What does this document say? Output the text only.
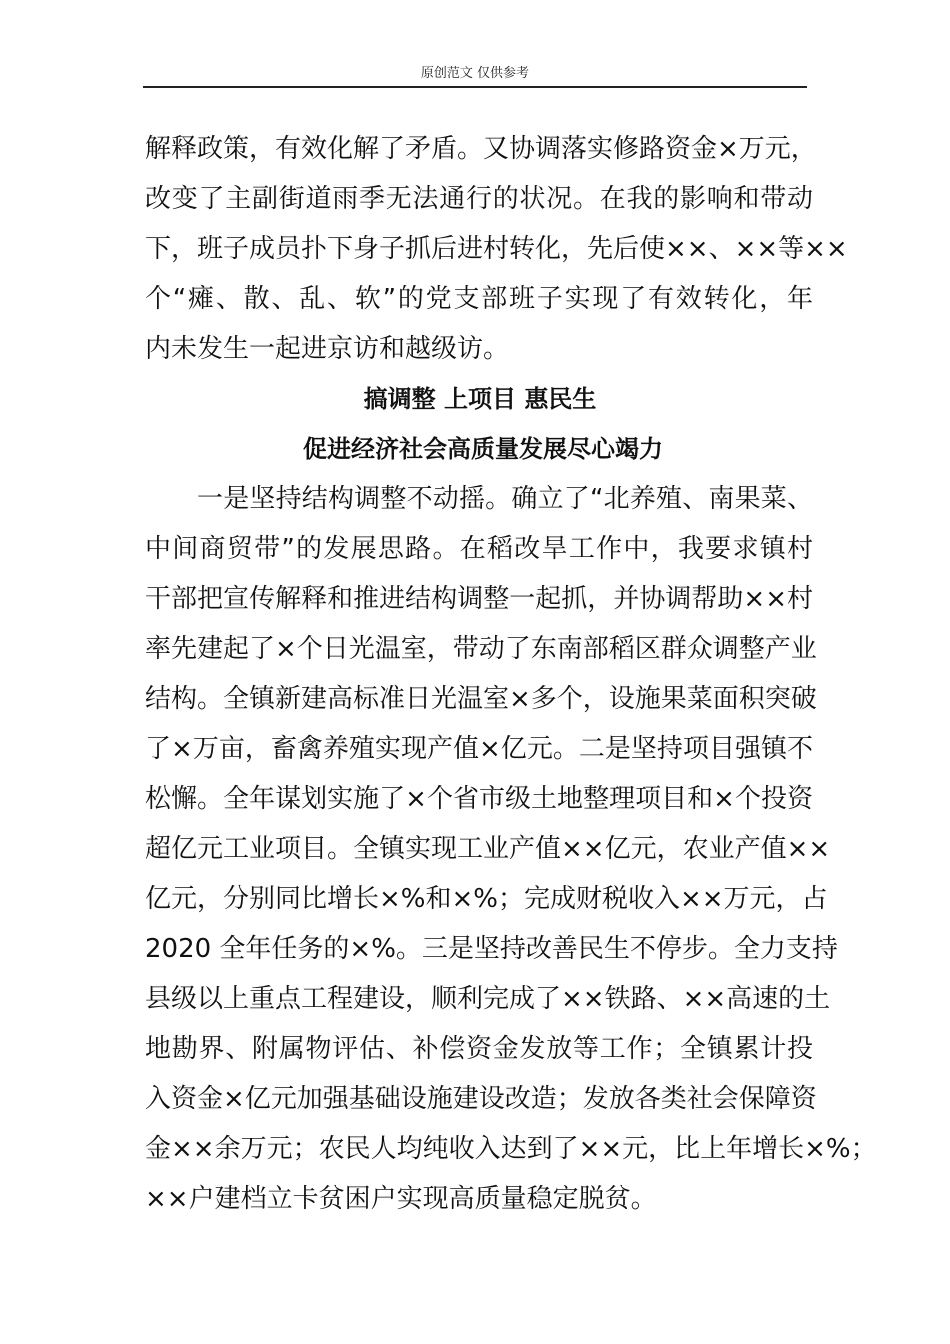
原创范文 仅供参考
解释政策，有效化解了矛盾。又协调落实修路资金×万元，
改变了主副街道雨季无法通行的状况。在我的影响和带动
下，班子成员扑下身子抓后进村转化，先后使××、××等××
个“瘫、散、乱、软”的党支部班子实现了有效转化，年
内未发生一起进京访和越级访。
搞调整 上项目 惠民生
促进经济社会高质量发展尽心竭力
一是坚持结构调整不动摇。确立了“北养殖、南果菜、
中间商贸带”的发展思路。在稻改旱工作中，我要求镇村
干部把宣传解释和推进结构调整一起抓，并协调帮助××村
率先建起了×个日光温室，带动了东南部稻区群众调整产业
结构。全镇新建高标准日光温室×多个，设施果菜面积突破
了×万亩，畜禽养殖实现产值×亿元。二是坚持项目强镇不
松懈。全年谋划实施了×个省市级土地整理项目和×个投资
超亿元工业项目。全镇实现工业产值××亿元，农业产值××
亿元，分别同比增长×%和×%；完成财税收入××万元，占
2020 全年任务的×%。三是坚持改善民生不停步。全力支持
县级以上重点工程建设，顺利完成了××铁路、××高速的土
地勘界、附属物评估、补偿资金发放等工作；全镇累计投
入资金×亿元加强基础设施建设改造；发放各类社会保障资
金××余万元；农民人均纯收入达到了××元，比上年增长×%；
××户建档立卡贫困户实现高质量稳定脱贫。
